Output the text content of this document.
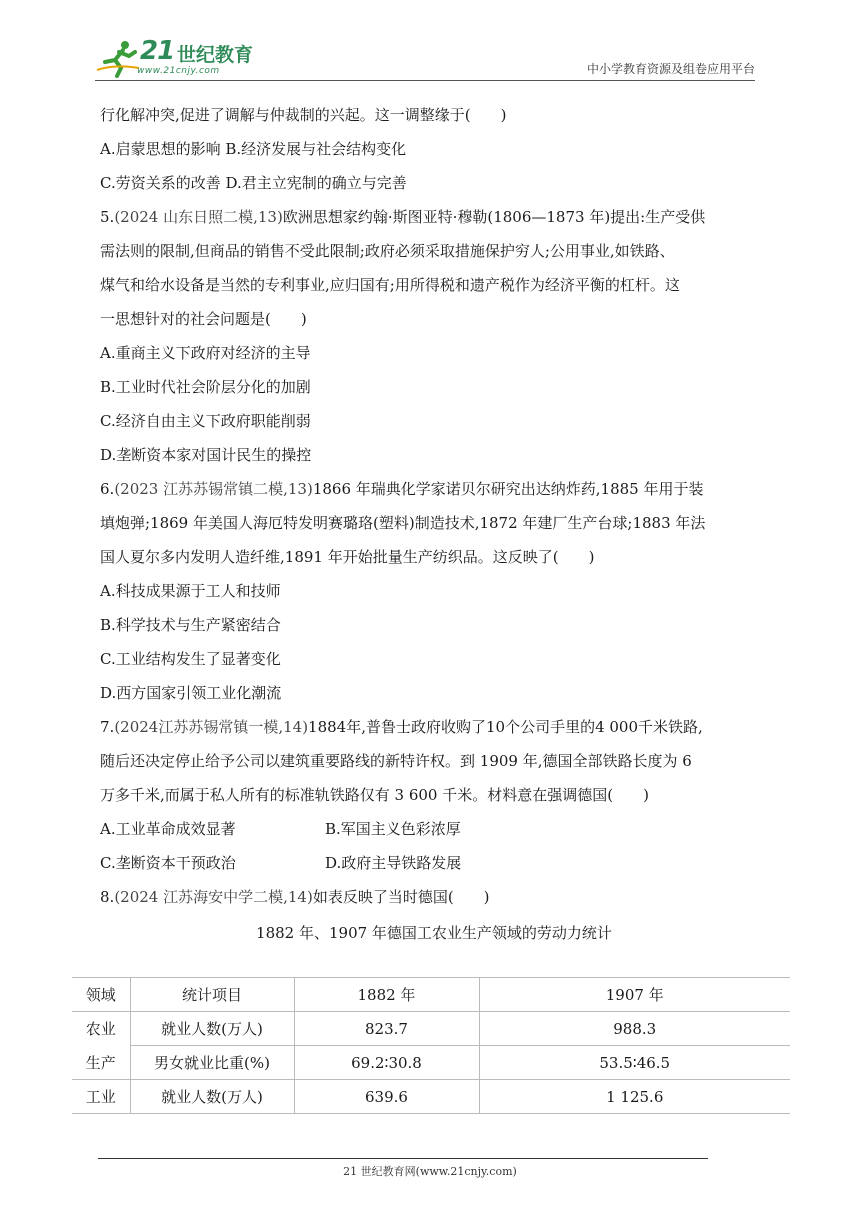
21 世纪教育
www.21cnjy.com	中小学教育资源及组卷应用平台
行化解冲突,促进了调解与仲裁制的兴起。这一调整缘于(　　)
A.启蒙思想的影响 B.经济发展与社会结构变化
C.劳资关系的改善 D.君主立宪制的确立与完善
5.(2024 山东日照二模,13)欧洲思想家约翰·斯图亚特·穆勒(1806—1873 年)提出:生产受供
需法则的限制,但商品的销售不受此限制;政府必须采取措施保护穷人;公用事业,如铁路、
煤气和给水设备是当然的专利事业,应归国有;用所得税和遗产税作为经济平衡的杠杆。这
一思想针对的社会问题是(　　)
A.重商主义下政府对经济的主导
B.工业时代社会阶层分化的加剧
C.经济自由主义下政府职能削弱
D.垄断资本家对国计民生的操控
6.(2023 江苏苏锡常镇二模,13)1866 年瑞典化学家诺贝尔研究出达纳炸药,1885 年用于装
填炮弹;1869 年美国人海厄特发明赛璐珞(塑料)制造技术,1872 年建厂生产台球;1883 年法
国人夏尔多内发明人造纤维,1891 年开始批量生产纺织品。这反映了(　　)
A.科技成果源于工人和技师
B.科学技术与生产紧密结合
C.工业结构发生了显著变化
D.西方国家引领工业化潮流
7.(2024江苏苏锡常镇一模,14)1884年,普鲁士政府收购了10个公司手里的4 000千米铁路,
随后还决定停止给予公司以建筑重要路线的新特许权。到 1909 年,德国全部铁路长度为 6
万多千米,而属于私人所有的标准轨铁路仅有 3 600 千米。材料意在强调德国(　　)
A.工业革命成效显著	B.军国主义色彩浓厚
C.垄断资本干预政治	D.政府主导铁路发展
8.(2024 江苏海安中学二模,14)如表反映了当时德国(　　)
1882 年、1907 年德国工农业生产领域的劳动力统计
领域	统计项目	1882 年	1907 年
农业	就业人数(万人)	823.7	988.3
生产	男女就业比重(%)	69.2∶30.8	53.5∶46.5
工业	就业人数(万人)	639.6	1 125.6
21 世纪教育网(www.21cnjy.com)
